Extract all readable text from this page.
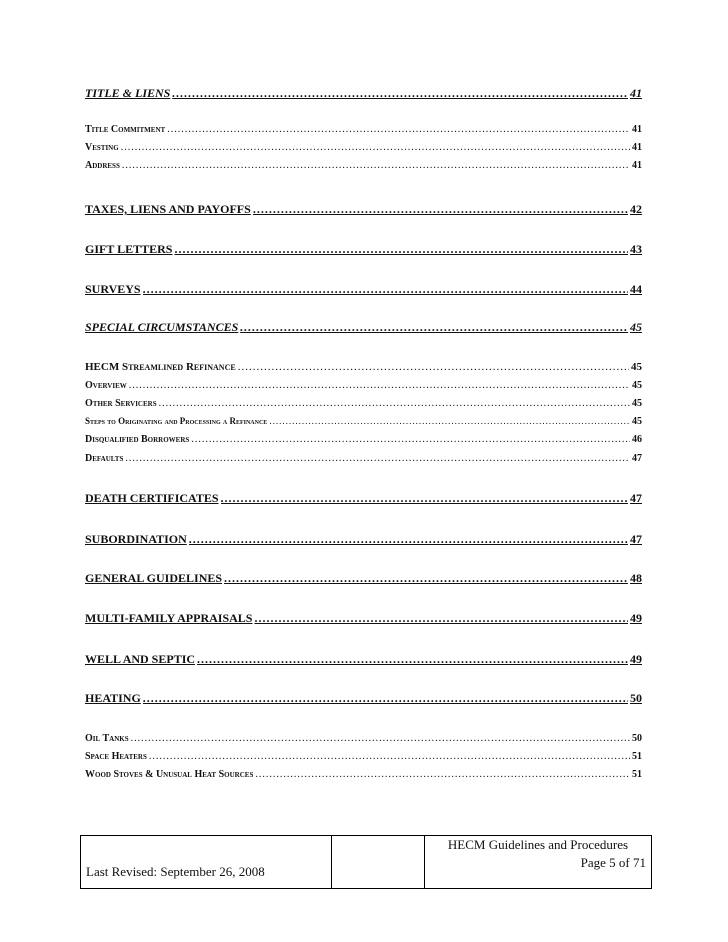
TITLE & LIENS .....	41
Title Commitment .....	41
Vesting .....	41
Address .....	41
TAXES, LIENS AND PAYOFFS .....	42
GIFT LETTERS .....	43
SURVEYS .....	44
SPECIAL CIRCUMSTANCES .....	45
HECM Streamlined Refinance .....	45
Overview .....	45
Other Servicers .....	45
Steps to Originating and Processing a Refinance .....	45
Disqualified Borrowers .....	46
Defaults .....	47
DEATH CERTIFICATES .....	47
SUBORDINATION .....	47
GENERAL GUIDELINES .....	48
MULTI-FAMILY APPRAISALS .....	49
WELL AND SEPTIC .....	49
HEATING .....	50
Oil Tanks .....	50
Space Heaters .....	51
Wood Stoves & Unusual Heat Sources .....	51
Last Revised: September 26, 2008
		HECM Guidelines and Procedures
Page 5 of 71
